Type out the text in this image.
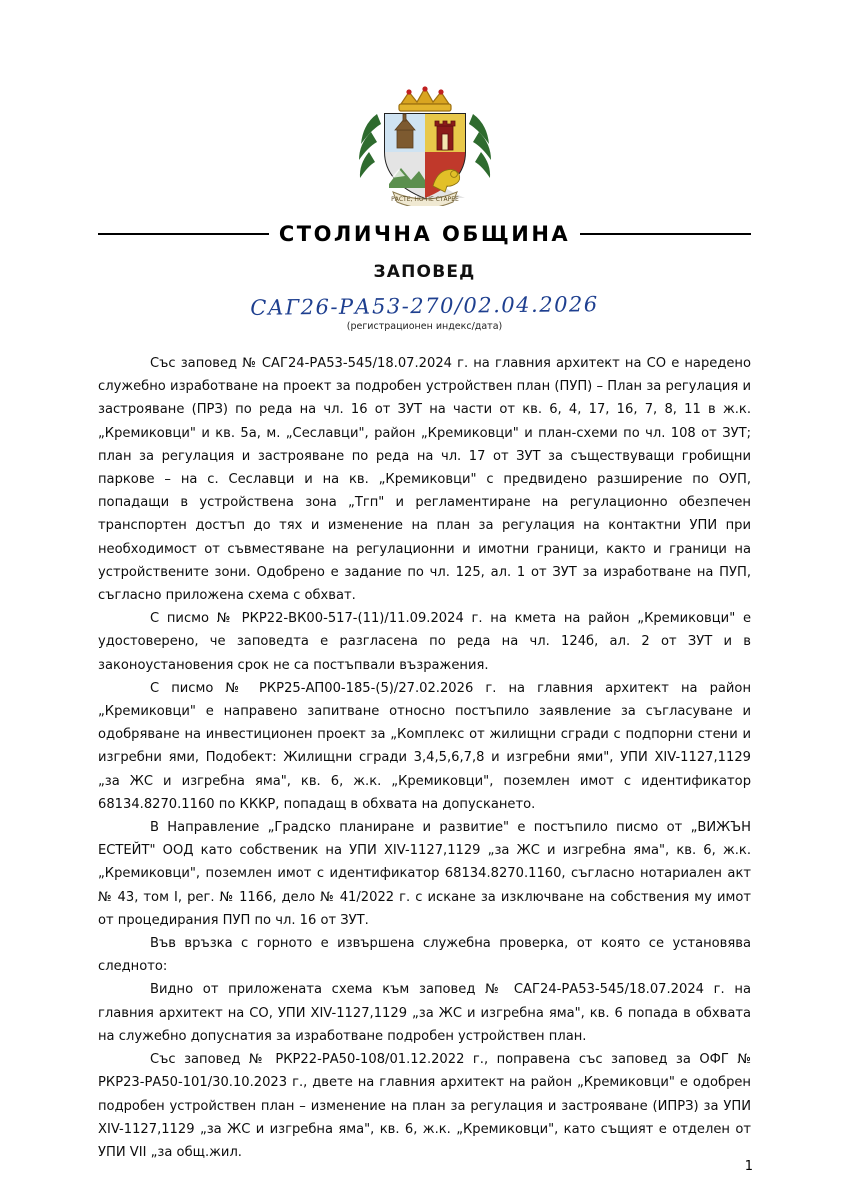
РАСТЕ, НО НЕ СТАРЕЕ
СТОЛИЧНА ОБЩИНА
ЗАПОВЕД
САГ26-РА53-270/02.04.2026
(регистрационен индекс/дата)

Със заповед № САГ24-РА53-545/18.07.2024 г. на главния архитект на СО е наредено служебно изработване на проект за подробен устройствен план (ПУП) – План за регулация и застрояване (ПРЗ) по реда на чл. 16 от ЗУТ на части от кв. 6, 4, 17, 16, 7, 8, 11 в ж.к. „Кремиковци" и кв. 5а, м. „Сеславци", район „Кремиковци" и план-схеми по чл. 108 от ЗУТ; план за регулация и застрояване по реда на чл. 17 от ЗУТ за съществуващи гробищни паркове – на с. Сеславци и на кв. „Кремиковци" с предвидено разширение по ОУП, попадащи в устройствена зона „Тгп" и регламентиране на регулационно обезпечен транспортен достъп до тях и изменение на план за регулация на контактни УПИ при необходимост от съвместяване на регулационни и имотни граници, както и граници на устройствените зони. Одобрено е задание по чл. 125, ал. 1 от ЗУТ за изработване на ПУП, съгласно приложена схема с обхват.

С писмо № РКР22-ВК00-517-(11)/11.09.2024 г. на кмета на район „Кремиковци" е удостоверено, че заповедта е разгласена по реда на чл. 124б, ал. 2 от ЗУТ и в законоустановения срок не са постъпвали възражения.

С писмо № РКР25-АП00-185-(5)/27.02.2026 г. на главния архитект на район „Кремиковци" е направено запитване относно постъпило заявление за съгласуване и одобряване на инвестиционен проект за „Комплекс от жилищни сгради с подпорни стени и изгребни ями, Подобект: Жилищни сгради 3,4,5,6,7,8 и изгребни ями", УПИ XIV-1127,1129 „за ЖС и изгребна яма", кв. 6, ж.к. „Кремиковци", поземлен имот с идентификатор 68134.8270.1160 по КККР, попадащ в обхвата на допускането.

В Направление „Градско планиране и развитие" е постъпило писмо от „ВИЖЪН ЕСТЕЙТ" ООД като собственик на УПИ XIV-1127,1129 „за ЖС и изгребна яма", кв. 6, ж.к. „Кремиковци", поземлен имот с идентификатор 68134.8270.1160, съгласно нотариален акт № 43, том I, рег. № 1166, дело № 41/2022 г. с искане за изключване на собствения му имот от процедирания ПУП по чл. 16 от ЗУТ.

Във връзка с горното е извършена служебна проверка, от която се установява следното:

Видно от приложената схема към заповед № САГ24-РА53-545/18.07.2024 г. на главния архитект на СО, УПИ XIV-1127,1129 „за ЖС и изгребна яма", кв. 6 попада в обхвата на служебно допуснатия за изработване подробен устройствен план.

Със заповед № РКР22-РА50-108/01.12.2022 г., поправена със заповед за ОФГ № РКР23-РА50-101/30.10.2023 г., двете на главния архитект на район „Кремиковци" е одобрен подробен устройствен план – изменение на план за регулация и застрояване (ИПРЗ) за УПИ XIV-1127,1129 „за ЖС и изгребна яма", кв. 6, ж.к. „Кремиковци", като същият е отделен от УПИ VII „за общ.жил.

1
